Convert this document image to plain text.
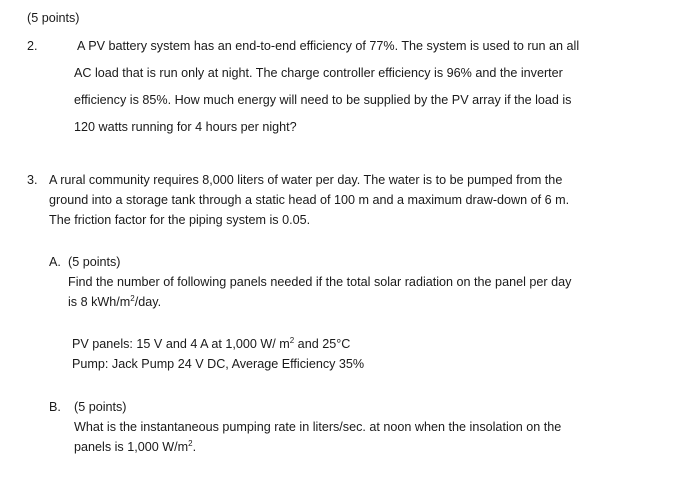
(5 points)
2.	A PV battery system has an end-to-end efficiency of 77%. The system is used to run an all
AC load that is run only at night. The charge controller efficiency is 96% and the inverter
efficiency is 85%. How much energy will need to be supplied by the PV array if the load is
120 watts running for 4 hours per night?
3. A rural community requires 8,000 liters of water per day. The water is to be pumped from the
ground into a storage tank through a static head of 100 m and a maximum draw-down of 6 m.
The friction factor for the piping system is 0.05.
A. (5 points)
Find the number of following panels needed if the total solar radiation on the panel per day
is 8 kWh/$m^2$/day.
PV panels: 15 V and 4 A at 1,000 W/ $m^2$ and 25°C
Pump: Jack Pump 24 V DC, Average Efficiency 35%
B. (5 points)
What is the instantaneous pumping rate in liters/sec. at noon when the insolation on the
panels is 1,000 $W/m^2$.
